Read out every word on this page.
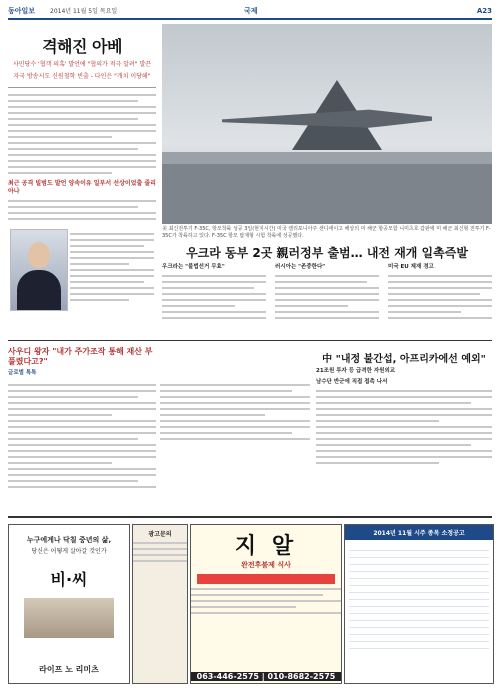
동아일보 2014년 11월 5일 목요일	국제	A23
격해진 아베
사민당수 '협객 의혹' 발언에 "협의가 적극 알려" 발끈
자국 방송시도 신원철학 빈출 - 다인은 "개치 이당해"
최근 공격 빌범도 발언 양속이유 일부서 선상이었출 줄리아나
美 최신전투기 F-35C, 항모착륙 성공 3일(현지시간) 미국 캘리포니아주 샌디에이고 해상의 미 해군 항공모함 니미츠호 갑판에 미 해군 최신형 전투기 F-35C가 착륙하고 있다. F-35C 항모 탑재형 시험 착륙에 성공했다.
우크라 동부 2곳 親러정부 출범… 내전 재개 일촉즉발
우크라는 "불법선거 무효"	러시아는 "존중한다"	미국 EU 제재 경고
사우디 왕자 "내가 주가조작 통해 재산 부풀렸다고?"
글로벌 톡톡
中 "내정 불간섭, 아프리카에선 예외"
21조원 투자 등 급격한 자원외교
남수단 반군에 직접 접촉 나서
누구에게나 닥칠 중년의 삶,
당신은 어떻게 살아갈 것인가
비·씨
라이프 노 리미츠
광고문의	지 알
완전후불제 식사
063-446-2575 | 010-8682-2575
2014년 11월 시주 종목 소정공고
